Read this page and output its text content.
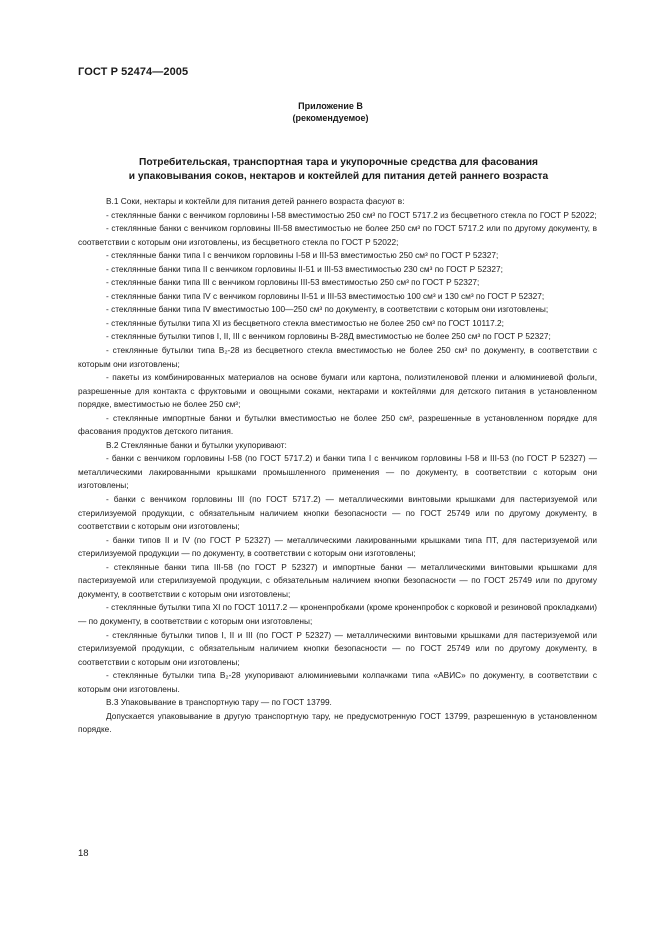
ГОСТ Р 52474—2005
Приложение В
(рекомендуемое)
Потребительская, транспортная тара и укупорочные средства для фасования
и упаковывания соков, нектаров и коктейлей для питания детей раннего возраста

В.1 Соки, нектары и коктейли для питания детей раннего возраста фасуют в:

- стеклянные банки с венчиком горловины I-58 вместимостью 250 см³ по ГОСТ 5717.2 из бесцветного стекла по ГОСТ Р 52022;

- стеклянные банки с венчиком горловины III-58 вместимостью не более 250 см³ по ГОСТ 5717.2 или по другому документу, в соответствии с которым они изготовлены, из бесцветного стекла по ГОСТ Р 52022;

- стеклянные банки типа I с венчиком горловины I-58 и III-53 вместимостью 250 см³ по ГОСТ Р 52327;

- стеклянные банки типа II с венчиком горловины II-51 и III-53 вместимостью 230 см³ по ГОСТ Р 52327;

- стеклянные банки типа III с венчиком горловины III-53 вместимостью 250 см³ по ГОСТ Р 52327;

- стеклянные банки типа IV с венчиком горловины II-51 и III-53 вместимостью 100 см³ и 130 см³ по ГОСТ Р 52327;

- стеклянные банки типа IV вместимостью 100—250 см³ по документу, в соответствии с которым они изготовлены;

- стеклянные бутылки типа XI из бесцветного стекла вместимостью не более 250 см³ по ГОСТ 10117.2;

- стеклянные бутылки типов I, II, III с венчиком горловины В-28Д вместимостью не более 250 см³ по ГОСТ Р 52327;

- стеклянные бутылки типа В₂-28 из бесцветного стекла вместимостью не более 250 см³ по документу, в соответствии с которым они изготовлены;

- пакеты из комбинированных материалов на основе бумаги или картона, полиэтиленовой пленки и алюминиевой фольги, разрешенные для контакта с фруктовыми и овощными соками, нектарами и коктейлями для детского питания в установленном порядке, вместимостью не более 250 см³;

- стеклянные импортные банки и бутылки вместимостью не более 250 см³, разрешенные в установленном порядке для фасования продуктов детского питания.

В.2 Стеклянные банки и бутылки укупоривают:

- банки с венчиком горловины I-58 (по ГОСТ 5717.2) и банки типа I с венчиком горловины I-58 и III-53 (по ГОСТ Р 52327) — металлическими лакированными крышками промышленного применения — по документу, в соответствии с которым они изготовлены;

- банки с венчиком горловины III (по ГОСТ 5717.2) — металлическими винтовыми крышками для пастеризуемой или стерилизуемой продукции, с обязательным наличием кнопки безопасности — по ГОСТ 25749 или по другому документу, в соответствии с которым они изготовлены;

- банки типов II и IV (по ГОСТ Р 52327) — металлическими лакированными крышками типа ПТ, для пастеризуемой или стерилизуемой продукции — по документу, в соответствии с которым они изготовлены;

- стеклянные банки типа III-58 (по ГОСТ Р 52327) и импортные банки — металлическими винтовыми крышками для пастеризуемой или стерилизуемой продукции, с обязательным наличием кнопки безопасности — по ГОСТ 25749 или по другому документу, в соответствии с которым они изготовлены;

- стеклянные бутылки типа XI по ГОСТ 10117.2 — кроненпробками (кроме кроненпробок с корковой и резиновой прокладками) — по документу, в соответствии с которым они изготовлены;

- стеклянные бутылки типов I, II и III (по ГОСТ Р 52327) — металлическими винтовыми крышками для пастеризуемой или стерилизуемой продукции, с обязательным наличием кнопки безопасности — по ГОСТ 25749 или по другому документу, в соответствии с которым они изготовлены;

- стеклянные бутылки типа В₂-28 укупоривают алюминиевыми колпачками типа «АВИС» по документу, в соответствии с которым они изготовлены.

В.3 Упаковывание в транспортную тару — по ГОСТ 13799.

Допускается упаковывание в другую транспортную тару, не предусмотренную ГОСТ 13799, разрешенную в установленном порядке.

18
